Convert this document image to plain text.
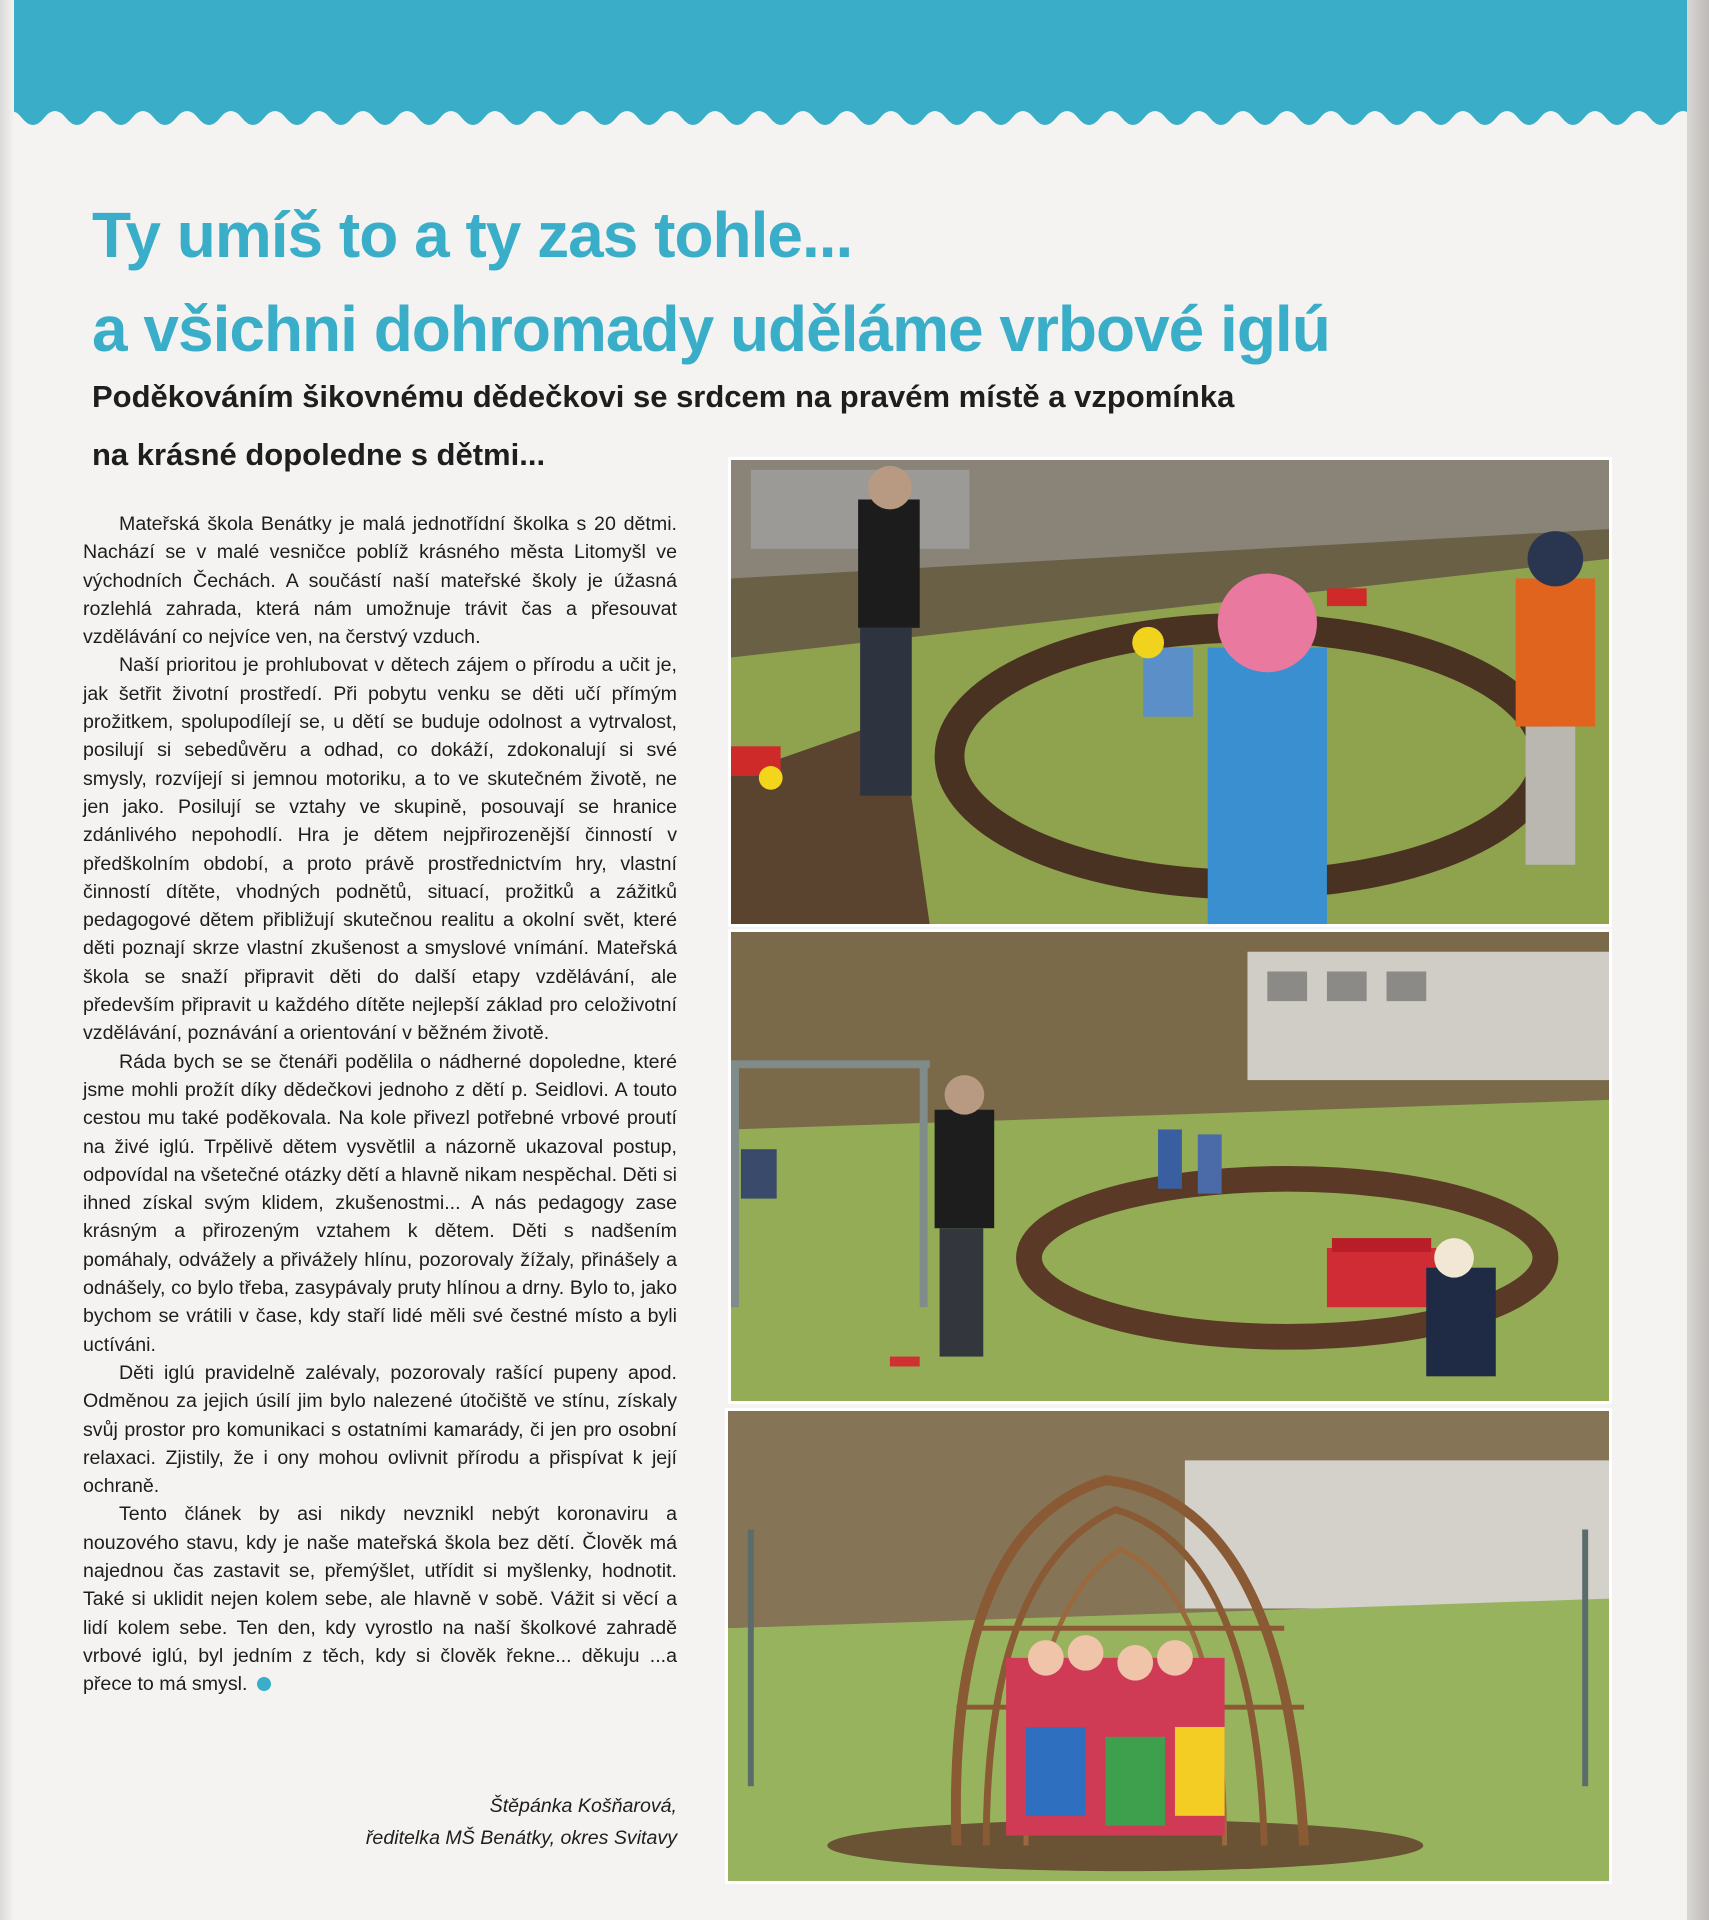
Ty umíš to a ty zas tohle...
a všichni dohromady uděláme vrbové iglú
Poděkováním šikovnému dědečkovi se srdcem na pravém místě a vzpomínka
na krásné dopoledne s dětmi...

Mateřská škola Benátky je malá jednotřídní školka s 20 dětmi. Nachází se v malé vesničce poblíž krásného města Litomyšl ve východních Čechách. A součástí naší mateřské školy je úžasná rozlehlá zahrada, která nám umožnuje trávit čas a přesouvat vzdělávání co nejvíce ven, na čerstvý vzduch.

Naší prioritou je prohlubovat v dětech zájem o přírodu a učit je, jak šetřit životní prostředí. Při pobytu venku se děti učí přímým prožitkem, spolupodílejí se, u dětí se buduje odolnost a vytrvalost, posilují si sebedůvěru a odhad, co dokáží, zdokonalují si své smysly, rozvíjejí si jemnou motoriku, a to ve skutečném životě, ne jen jako. Posilují se vztahy ve skupině, posouvají se hranice zdánlivého nepohodlí. Hra je dětem nejpřirozenější činností v předškolním období, a proto právě prostřednictvím hry, vlastní činností dítěte, vhodných podnětů, situací, prožitků a zážitků pedagogové dětem přibližují skutečnou realitu a okolní svět, které děti poznají skrze vlastní zkušenost a smyslové vnímání. Mateřská škola se snaží připravit děti do další etapy vzdělávání, ale především připravit u každého dítěte nejlepší základ pro celoživotní vzdělávání, poznávání a orientování v běžném životě.

Ráda bych se se čtenáři podělila o nádherné dopoledne, které jsme mohli prožít díky dědečkovi jednoho z dětí p. Seidlovi. A touto cestou mu také poděkovala. Na kole přivezl potřebné vrbové proutí na živé iglú. Trpělivě dětem vysvětlil a názorně ukazoval postup, odpovídal na všetečné otázky dětí a hlavně nikam nespěchal. Děti si ihned získal svým klidem, zkušenostmi... A nás pedagogy zase krásným a přirozeným vztahem k dětem. Děti s nadšením pomáhaly, odvážely a přivážely hlínu, pozorovaly žížaly, přinášely a odnášely, co bylo třeba, zasypávaly pruty hlínou a drny. Bylo to, jako bychom se vrátili v čase, kdy staří lidé měli své čestné místo a byli uctíváni.

Děti iglú pravidelně zalévaly, pozorovaly rašící pupeny apod. Odměnou za jejich úsilí jim bylo nalezené útočiště ve stínu, získaly svůj prostor pro komunikaci s ostatními kamarády, či jen pro osobní relaxaci. Zjistily, že i ony mohou ovlivnit přírodu a přispívat k její ochraně.

Tento článek by asi nikdy nevznikl nebýt koronaviru a nouzového stavu, kdy je naše mateřská škola bez dětí. Člověk má najednou čas zastavit se, přemýšlet, utřídit si myšlenky, hodnotit. Také si uklidit nejen kolem sebe, ale hlavně v sobě. Vážit si věcí a lidí kolem sebe. Ten den, kdy vyrostlo na naší školkové zahradě vrbové iglú, byl jedním z těch, kdy si člověk řekne... děkuju ...a přece to má smysl.

Štěpánka Košňarová,
ředitelka MŠ Benátky, okres Svitavy
